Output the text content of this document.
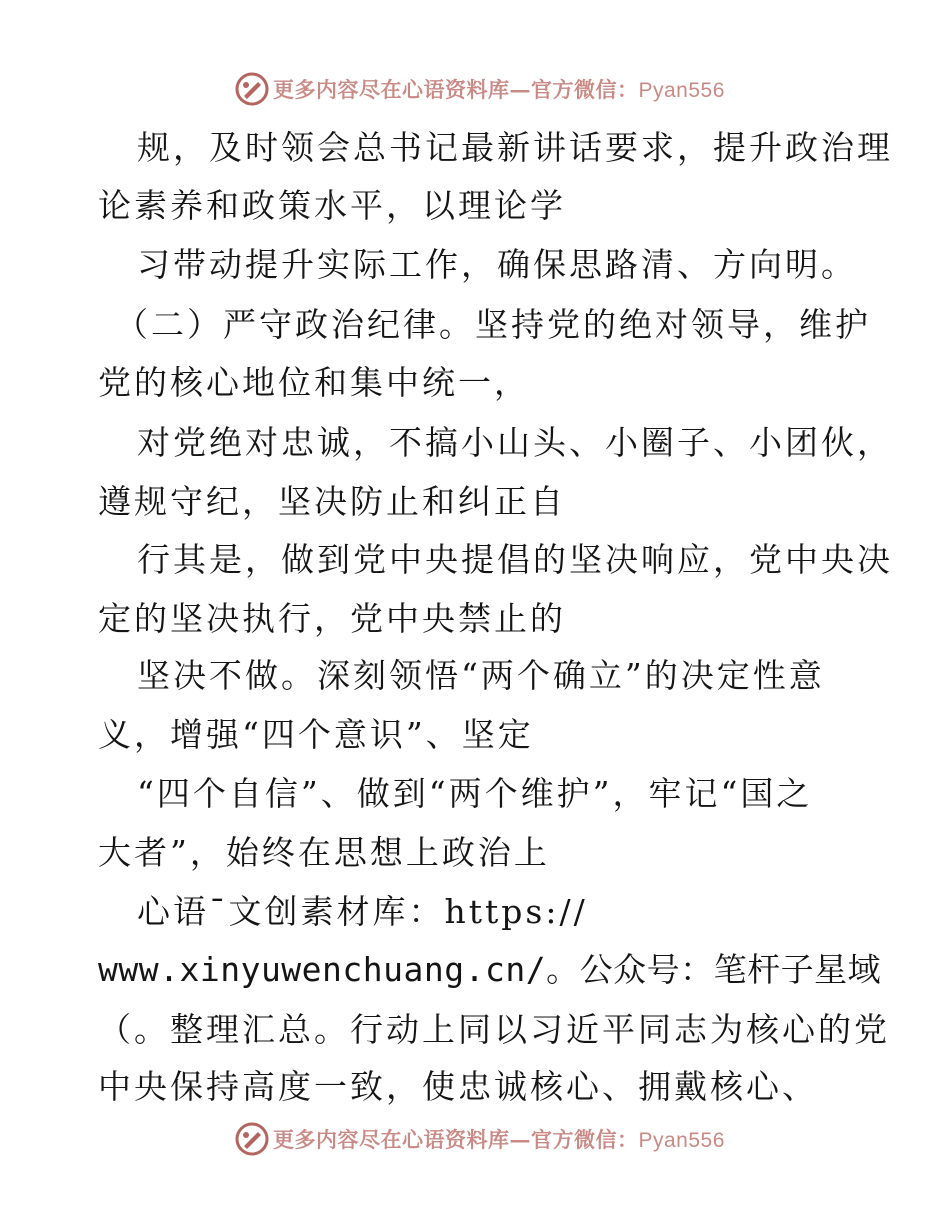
更多内容尽在心语资料库—官方微信：Pyan556
规，及时领会总书记最新讲话要求，提升政治理
论素养和政策水平，以理论学
习带动提升实际工作，确保思路清、方向明。
（二）严守政治纪律。坚持党的绝对领导，维护
党的核心地位和集中统一，
对党绝对忠诚，不搞小山头、小圈子、小团伙，
遵规守纪，坚决防止和纠正自
行其是，做到党中央提倡的坚决响应，党中央决
定的坚决执行，党中央禁止的
坚决不做。深刻领悟“两个确立”的决定性意
义，增强“四个意识”、坚定
“四个自信”、做到“两个维护”，牢记“国之
大者”，始终在思想上政治上
心语¯文创素材库：https://
www.xinyuwenchuang.cn/。公众号：笔杆子星域
（。整理汇总。行动上同以习近平同志为核心的党
中央保持高度一致，使忠诚核心、拥戴核心、
更多内容尽在心语资料库—官方微信：Pyan556
